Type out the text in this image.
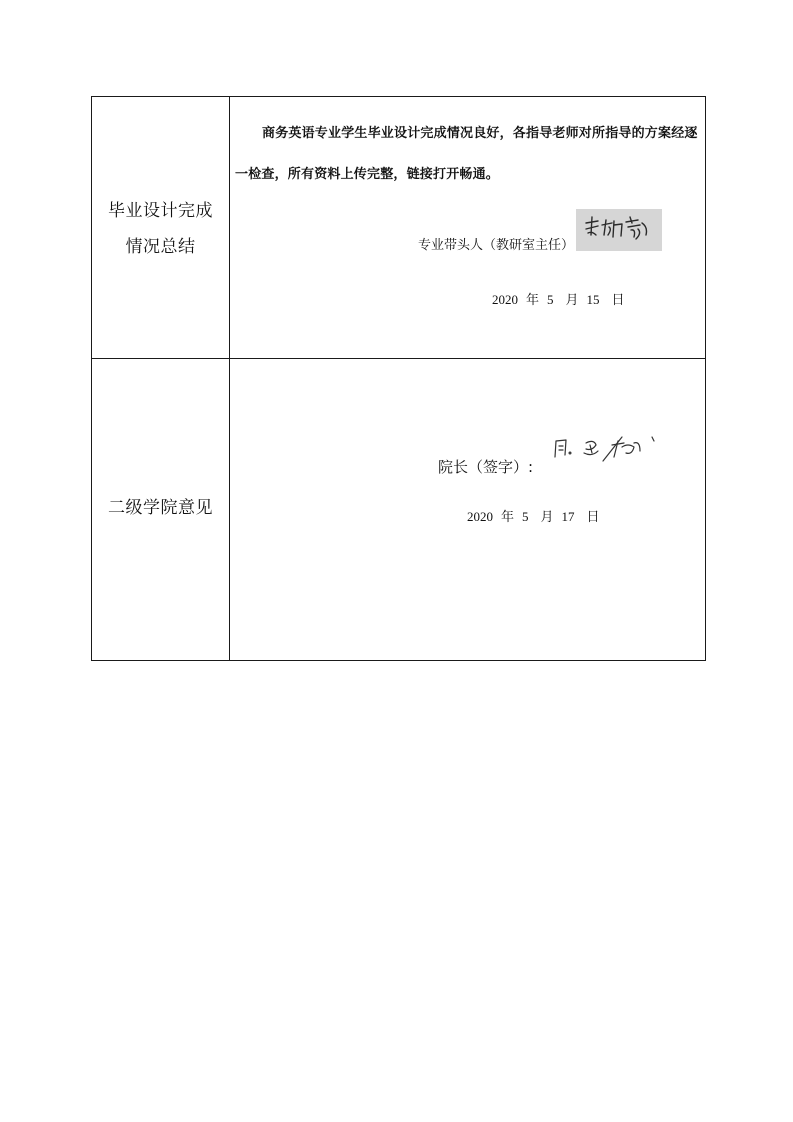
毕业设计完成
情况总结
商务英语专业学生毕业设计完成情况良好，各指导老师对所指导的方案经逐
一检查，所有资料上传完整，链接打开畅通。
专业带头人（教研室主任）
2020 年 5 月 15 日
二级学院意见
院长（签字）:
2020 年 5 月 17 日
